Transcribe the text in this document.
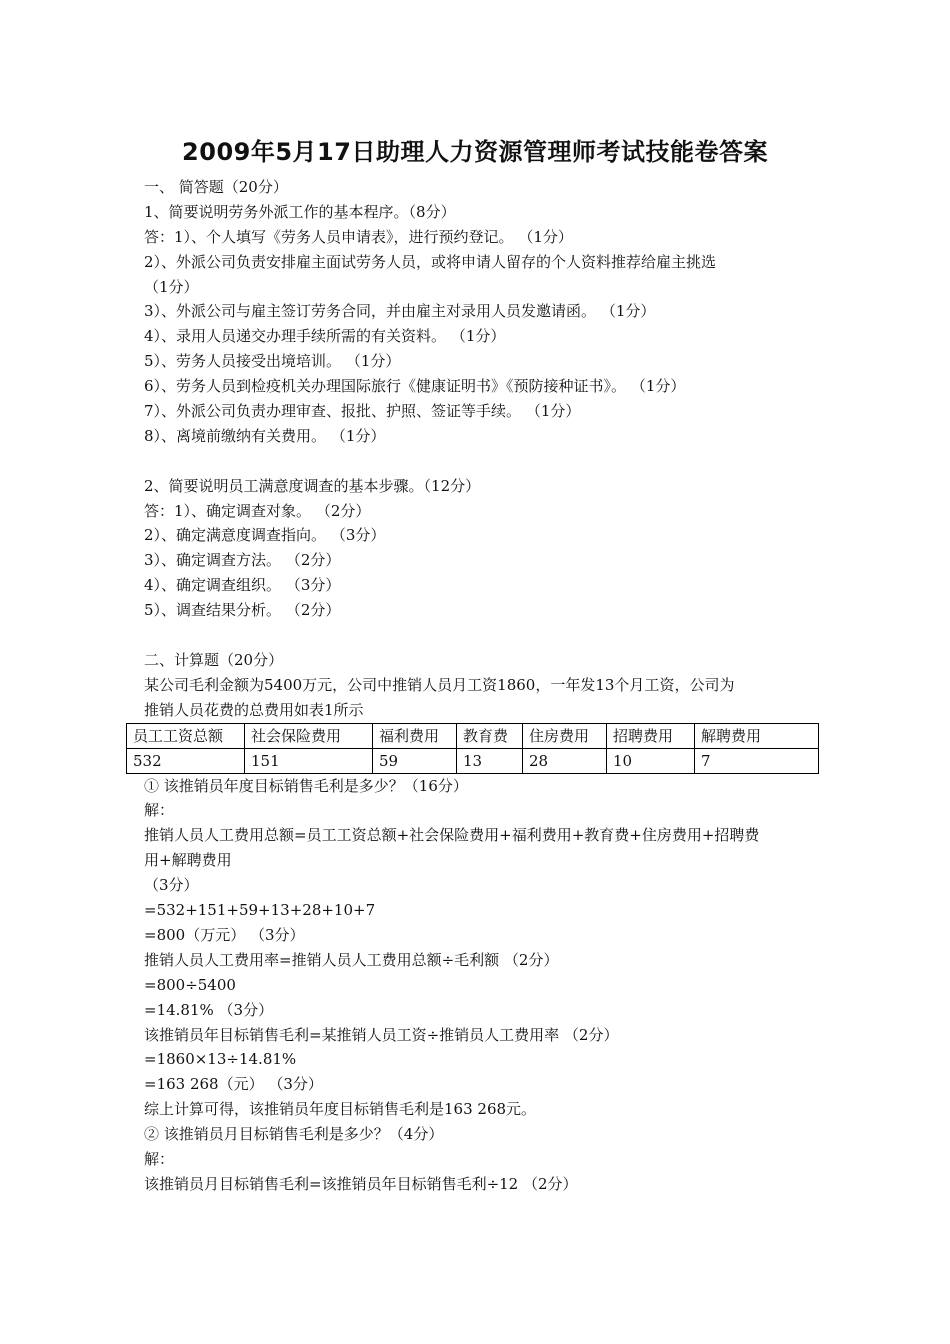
2009年5月17日助理人力资源管理师考试技能卷答案
一、 简答题（20分）
1、简要说明劳务外派工作的基本程序。（8分）
答：1）、个人填写《劳务人员申请表》，进行预约登记。 （1分）
2）、外派公司负责安排雇主面试劳务人员，或将申请人留存的个人资料推荐给雇主挑选
（1分）
3）、外派公司与雇主签订劳务合同，并由雇主对录用人员发邀请函。 （1分）
4）、录用人员递交办理手续所需的有关资料。 （1分）
5）、劳务人员接受出境培训。 （1分）
6）、劳务人员到检疫机关办理国际旅行《健康证明书》《预防接种证书》。 （1分）
7）、外派公司负责办理审查、报批、护照、签证等手续。 （1分）
8）、离境前缴纳有关费用。 （1分）
2、简要说明员工满意度调查的基本步骤。（12分）
答：1）、确定调查对象。 （2分）
2）、确定满意度调查指向。 （3分）
3）、确定调查方法。 （2分）
4）、确定调查组织。 （3分）
5）、调查结果分析。 （2分）
二、计算题（20分）
某公司毛利金额为5400万元，公司中推销人员月工资1860，一年发13个月工资，公司为
推销人员花费的总费用如表1所示
员工工资总额	社会保险费用	福利费用	教育费	住房费用	招聘费用	解聘费用
532	151	59	13	28	10	7
① 该推销员年度目标销售毛利是多少？（16分）
解：
推销人员人工费用总额=员工工资总额+社会保险费用+福利费用+教育费+住房费用+招聘费
用+解聘费用
（3分）
=532+151+59+13+28+10+7
=800（万元） （3分）
推销人员人工费用率=推销人员人工费用总额÷毛利额 （2分）
=800÷5400
=14.81% （3分）
该推销员年目标销售毛利=某推销人员工资÷推销员人工费用率 （2分）
=1860×13÷14.81%
=163 268（元） （3分）
综上计算可得，该推销员年度目标销售毛利是163 268元。
② 该推销员月目标销售毛利是多少？（4分）
解：
该推销员月目标销售毛利=该推销员年目标销售毛利÷12 （2分）
